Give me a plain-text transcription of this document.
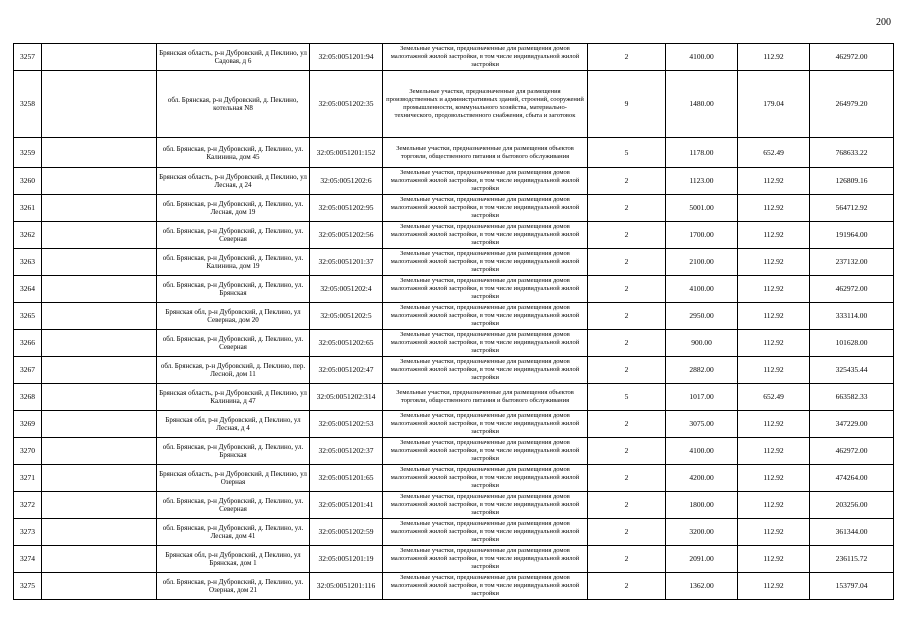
200
3257		Брянская область, р-н Дубровский, д Пеклино, ул Садовая, д 6	32:05:0051201:94	Земельные участки, предназначенные для размещения домов малоэтажной жилой застройки, в том числе индивидуальной жилой застройки	2	4100.00	112.92	462972.00
3258		обл. Брянская, р-н Дубровский, д. Пеклино, котельная N8	32:05:0051202:35	Земельные участки, предназначенные для размещения производственных и административных зданий, строений, сооружений промышленности, коммунального хозяйства, материально-технического, продовольственного снабжения, сбыта и заготовок	9	1480.00	179.04	264979.20
3259		обл. Брянская, р-н Дубровский, д. Пеклино, ул. Калинина, дом 45	32:05:0051201:152	Земельные участки, предназначенные для размещения объектов торговли, общественного питания и бытового обслуживания	5	1178.00	652.49	768633.22
3260		Брянская область, р-н Дубровский, д Пеклино, ул Лесная, д 24	32:05:0051202:6	Земельные участки, предназначенные для размещения домов малоэтажной жилой застройки, в том числе индивидуальной жилой застройки	2	1123.00	112.92	126809.16
3261		обл. Брянская, р-н Дубровский, д. Пеклино, ул. Лесная, дом 19	32:05:0051202:95	Земельные участки, предназначенные для размещения домов малоэтажной жилой застройки, в том числе индивидуальной жилой застройки	2	5001.00	112.92	564712.92
3262		обл. Брянская, р-н Дубровский, д. Пеклино, ул. Северная	32:05:0051202:56	Земельные участки, предназначенные для размещения домов малоэтажной жилой застройки, в том числе индивидуальной жилой застройки	2	1700.00	112.92	191964.00
3263		обл. Брянская, р-н Дубровский, д. Пеклино, ул. Калинина, дом 19	32:05:0051201:37	Земельные участки, предназначенные для размещения домов малоэтажной жилой застройки, в том числе индивидуальной жилой застройки	2	2100.00	112.92	237132.00
3264		обл. Брянская, р-н Дубровский, д. Пеклино, ул. Брянская	32:05:0051202:4	Земельные участки, предназначенные для размещения домов малоэтажной жилой застройки, в том числе индивидуальной жилой застройки	2	4100.00	112.92	462972.00
3265		Брянская обл, р-н Дубровский, д Пеклино, ул Северная, дом 20	32:05:0051202:5	Земельные участки, предназначенные для размещения домов малоэтажной жилой застройки, в том числе индивидуальной жилой застройки	2	2950.00	112.92	333114.00
3266		обл. Брянская, р-н Дубровский, д. Пеклино, ул. Северная	32:05:0051202:65	Земельные участки, предназначенные для размещения домов малоэтажной жилой застройки, в том числе индивидуальной жилой застройки	2	900.00	112.92	101628.00
3267		обл. Брянская, р-н Дубровский, д. Пеклино, пер. Лесной, дом 11	32:05:0051202:47	Земельные участки, предназначенные для размещения домов малоэтажной жилой застройки, в том числе индивидуальной жилой застройки	2	2882.00	112.92	325435.44
3268		Брянская область, р-н Дубровский, д Пеклино, ул Калинина, д 47	32:05:0051202:314	Земельные участки, предназначенные для размещения объектов торговли, общественного питания и бытового обслуживания	5	1017.00	652.49	663582.33
3269		Брянская обл, р-н Дубровский, д Пеклино, ул Лесная, д 4	32:05:0051202:53	Земельные участки, предназначенные для размещения домов малоэтажной жилой застройки, в том числе индивидуальной жилой застройки	2	3075.00	112.92	347229.00
3270		обл. Брянская, р-н Дубровский, д. Пеклино, ул. Брянская	32:05:0051202:37	Земельные участки, предназначенные для размещения домов малоэтажной жилой застройки, в том числе индивидуальной жилой застройки	2	4100.00	112.92	462972.00
3271		Брянская область, р-н Дубровский, д Пеклино, ул Озерная	32:05:0051201:65	Земельные участки, предназначенные для размещения домов малоэтажной жилой застройки, в том числе индивидуальной жилой застройки	2	4200.00	112.92	474264.00
3272		обл. Брянская, р-н Дубровский, д. Пеклино, ул. Северная	32:05:0051201:41	Земельные участки, предназначенные для размещения домов малоэтажной жилой застройки, в том числе индивидуальной жилой застройки	2	1800.00	112.92	203256.00
3273		обл. Брянская, р-н Дубровский, д. Пеклино, ул. Лесная, дом 41	32:05:0051202:59	Земельные участки, предназначенные для размещения домов малоэтажной жилой застройки, в том числе индивидуальной жилой застройки	2	3200.00	112.92	361344.00
3274		Брянская обл, р-н Дубровский, д Пеклино, ул Брянская, дом 1	32:05:0051201:19	Земельные участки, предназначенные для размещения домов малоэтажной жилой застройки, в том числе индивидуальной жилой застройки	2	2091.00	112.92	236115.72
3275		обл. Брянская, р-н Дубровский, д. Пеклино, ул. Озерная, дом 21	32:05:0051201:116	Земельные участки, предназначенные для размещения домов малоэтажной жилой застройки, в том числе индивидуальной жилой застройки	2	1362.00	112.92	153797.04
